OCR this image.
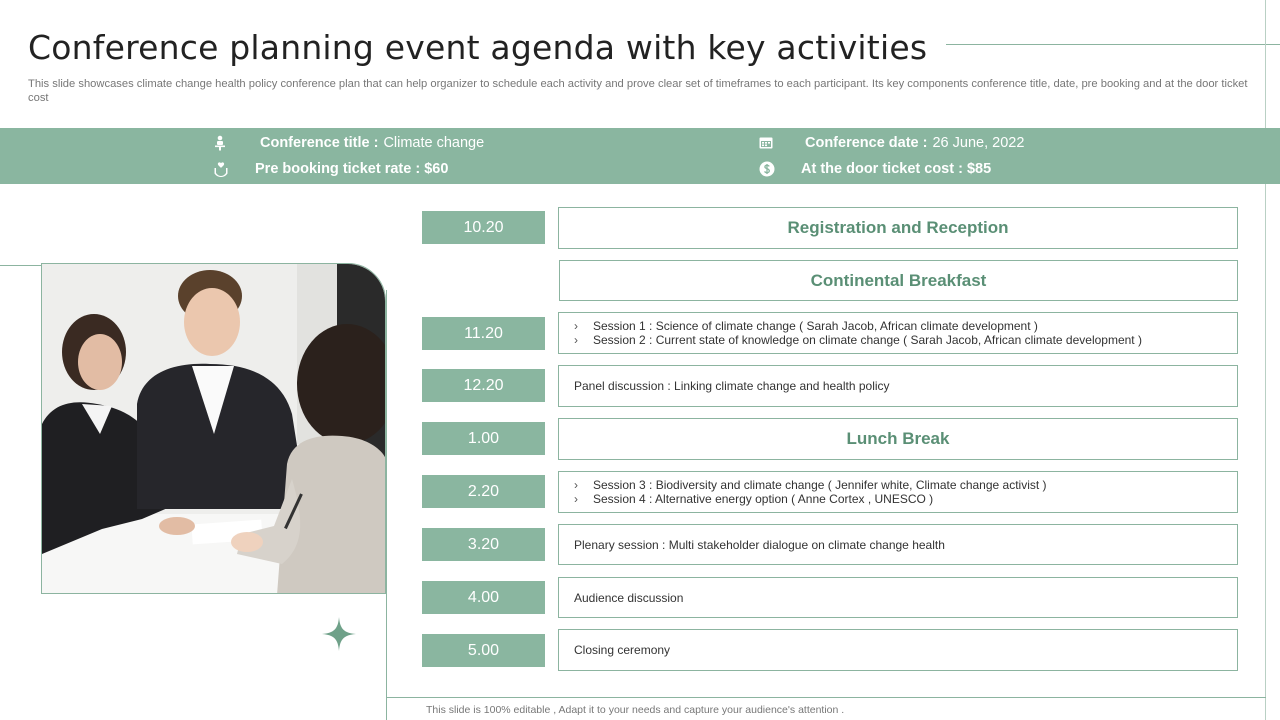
Conference planning event agenda with key activities
This slide showcases climate change health policy conference plan that can help organizer to schedule each activity and prove clear set of timeframes to each participant. Its key components conference title, date, pre booking and at the door ticket cost
Conference title : Climate change	Conference date : 26 June, 2022
Pre booking ticket rate : $60	At the door ticket cost : $85
10.20	Registration and Reception
Continental Breakfast
11.20	›	Session 1 : Science of climate change ( Sarah Jacob, African climate development )
›	Session 2 : Current state of knowledge on climate change ( Sarah Jacob, African climate development )
12.20	Panel discussion : Linking climate change and health policy
1.00	Lunch Break
2.20	›	Session 3 : Biodiversity and climate change ( Jennifer white, Climate change activist )
›	Session 4 : Alternative energy option ( Anne Cortex , UNESCO )
3.20	Plenary session : Multi stakeholder dialogue on climate change health
4.00	Audience discussion
5.00	Closing ceremony
This slide is 100% editable , Adapt it to your needs and capture your audience's attention .
